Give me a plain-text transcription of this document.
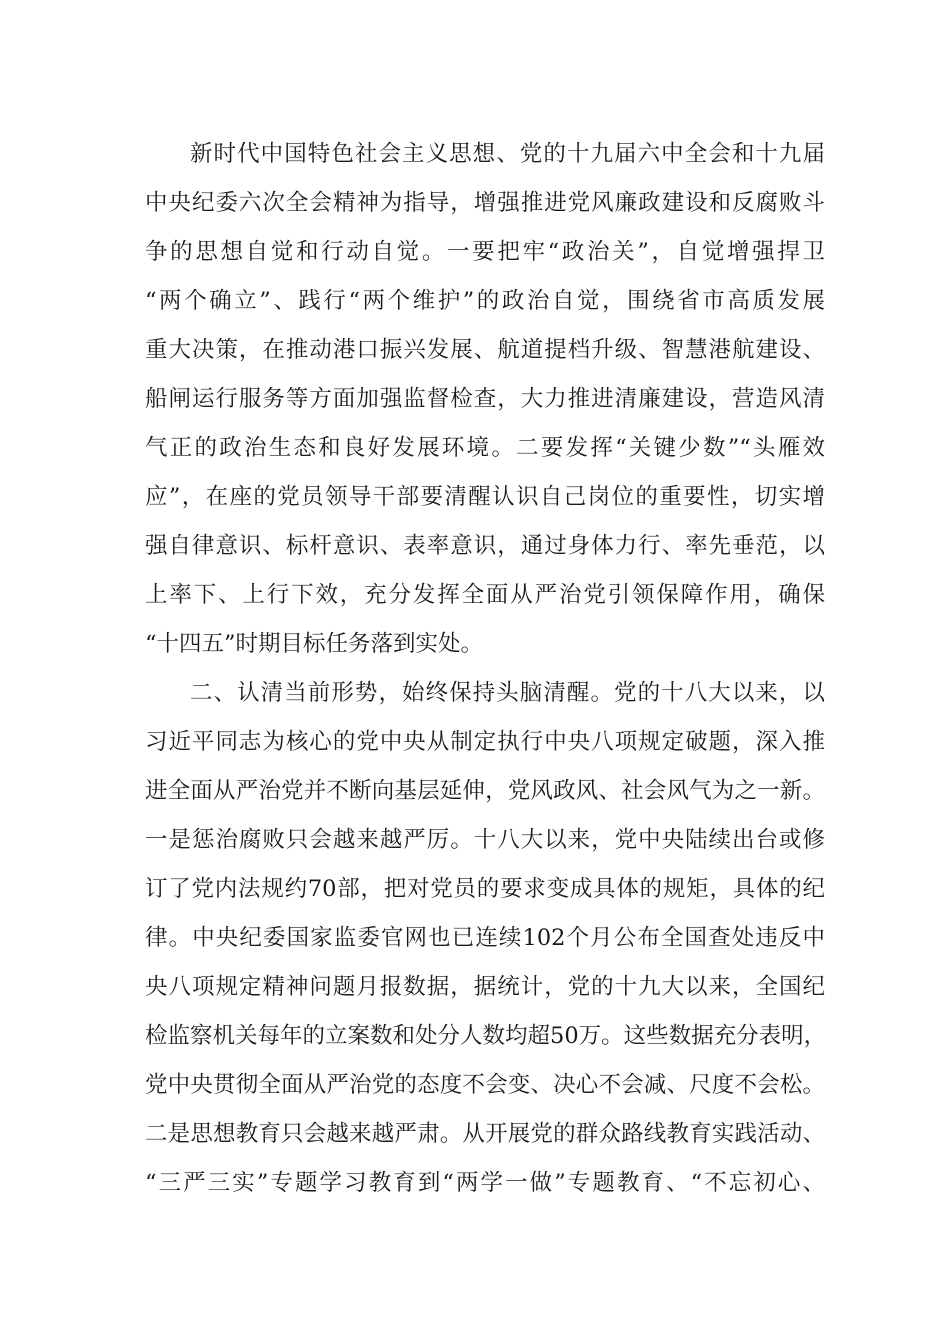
新时代中国特色社会主义思想、党的十九届六中全会和十九届
中央纪委六次全会精神为指导，增强推进党风廉政建设和反腐败斗
争的思想自觉和行动自觉。一要把牢“政治关”，自觉增强捍卫
“两个确立”、践行“两个维护”的政治自觉，围绕省市高质发展
重大决策，在推动港口振兴发展、航道提档升级、智慧港航建设、
船闸运行服务等方面加强监督检查，大力推进清廉建设，营造风清
气正的政治生态和良好发展环境。二要发挥“关键少数”“头雁效
应”，在座的党员领导干部要清醒认识自己岗位的重要性，切实增
强自律意识、标杆意识、表率意识，通过身体力行、率先垂范，以
上率下、上行下效，充分发挥全面从严治党引领保障作用，确保
“十四五”时期目标任务落到实处。
二、认清当前形势，始终保持头脑清醒。党的十八大以来，以
习近平同志为核心的党中央从制定执行中央八项规定破题，深入推
进全面从严治党并不断向基层延伸，党风政风、社会风气为之一新。
一是惩治腐败只会越来越严厉。十八大以来，党中央陆续出台或修
订了党内法规约70部，把对党员的要求变成具体的规矩，具体的纪
律。中央纪委国家监委官网也已连续102个月公布全国查处违反中
央八项规定精神问题月报数据，据统计，党的十九大以来，全国纪
检监察机关每年的立案数和处分人数均超50万。这些数据充分表明，
党中央贯彻全面从严治党的态度不会变、决心不会减、尺度不会松。
二是思想教育只会越来越严肃。从开展党的群众路线教育实践活动、
“三严三实”专题学习教育到“两学一做”专题教育、“不忘初心、
